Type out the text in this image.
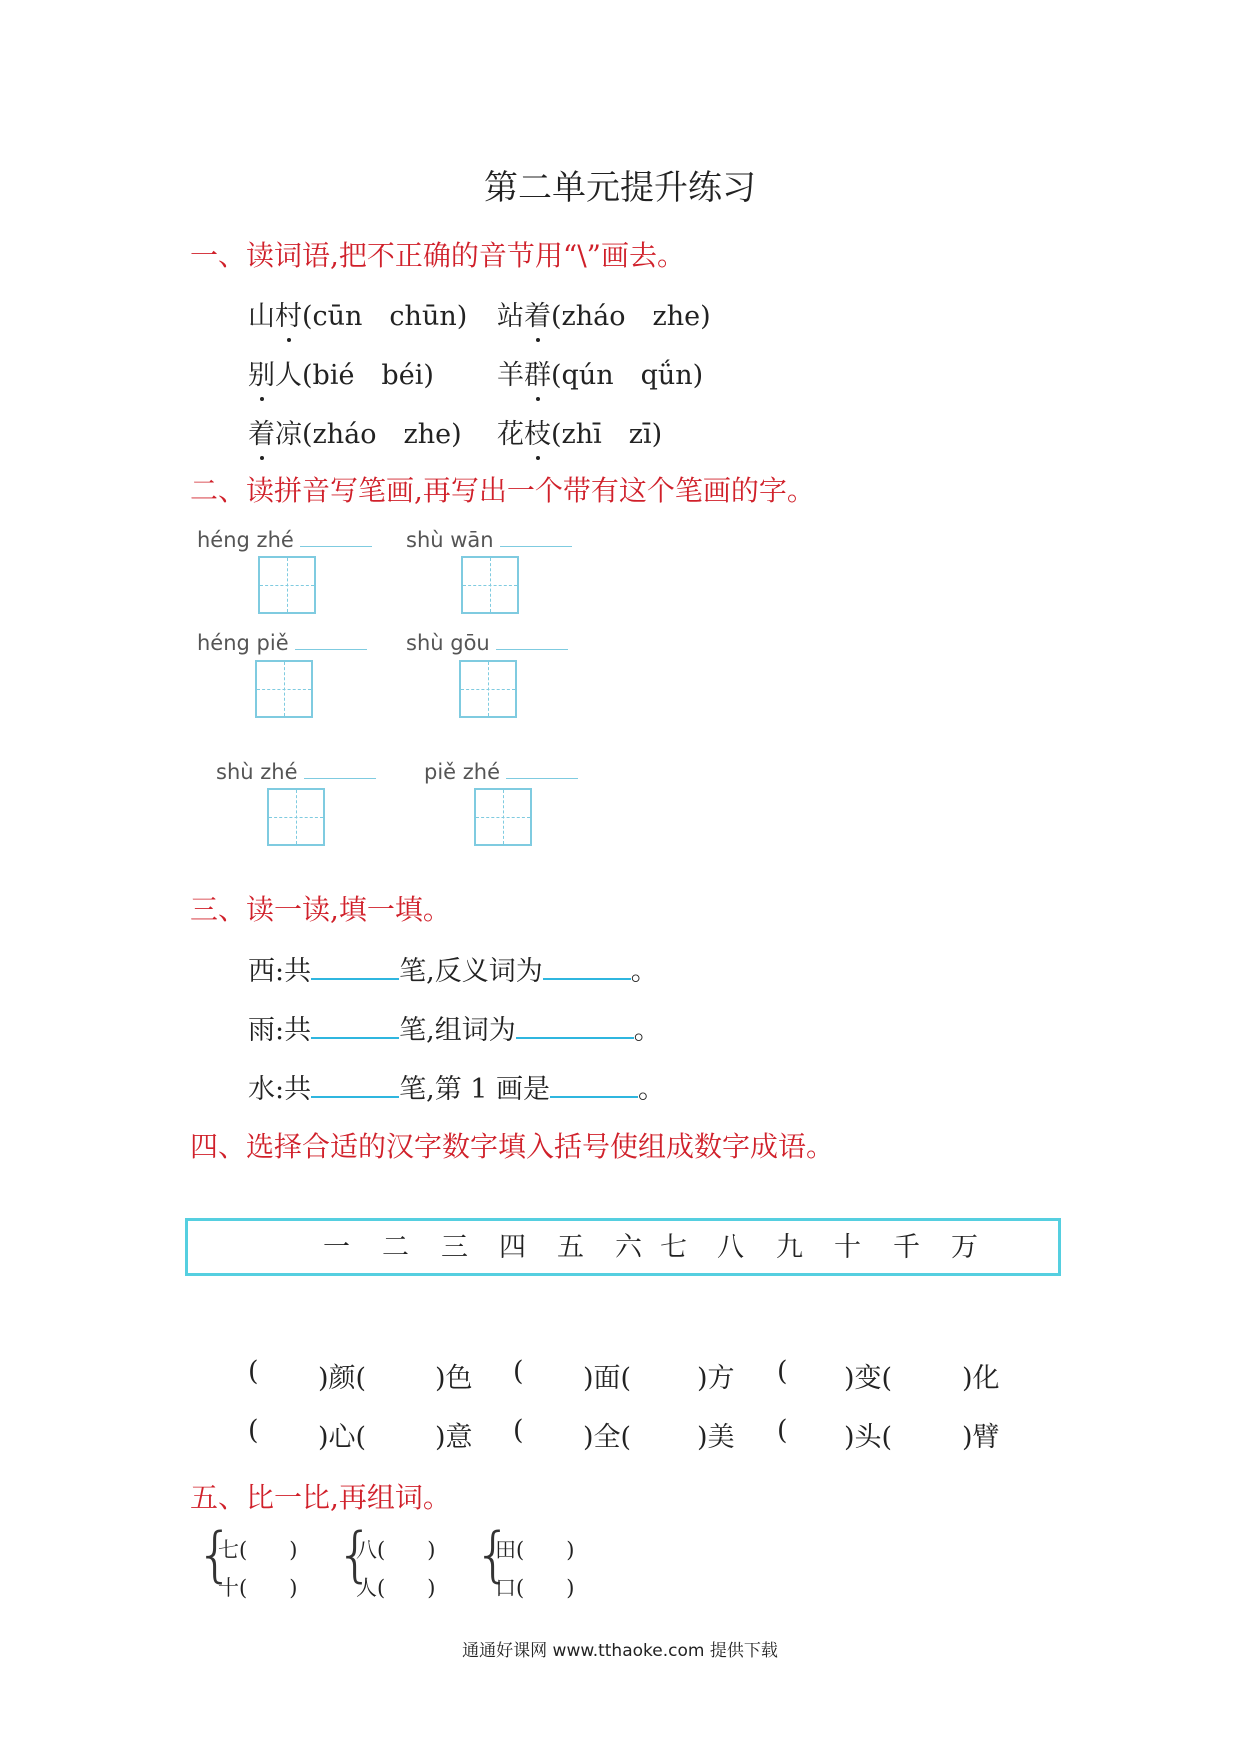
第二单元提升练习
一、读词语,把不正确的音节用“\”画去。
山村(cūn　chūn) 站着(zháo　zhe)
别人(bié　béi) 羊群(qún　qǘn)
着凉(zháo　zhe) 花枝(zhī　zī)
二、读拼音写笔画,再写出一个带有这个笔画的字。
héng zhé	shù wān
héng piě	shù gōu
shù zhé	piě zhé
三、读一读,填一填。
西:共	笔,反义词为	。
雨:共	笔,组词为	。
水:共	笔,第 1 画是	。
四、选择合适的汉字数字填入括号使组成数字成语。
一 二 三 四 五 六 七 八 九 十 千 万
( )颜(	)色 ( )面( )方 ( )变(	)化
( )心(	)意 ( )全( )美 ( )头(	)臂
五、比一比,再组词。
{
七(　　)
十(　　) {
八(　　)
人(　　) {
田(　　)
口(　　)
通通好课网 www.tthaoke.com 提供下载
